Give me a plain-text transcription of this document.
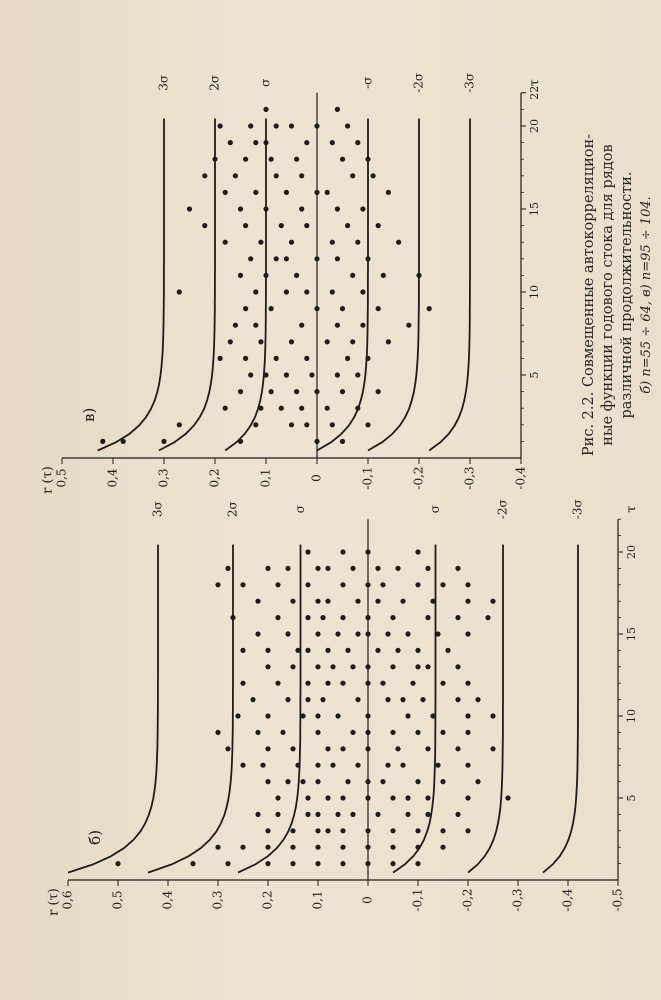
0,6	0,5	0,4	0,3	0,2	0,1	0	-0,1	-0,2	-0,3	-0,4	-0,5
5
10
15
20
3σ	2σ	σ	σ	-2σ	-3σ
r (τ)
τ
б)
0,5	0,4	0,3	0,2	0,1	0	-0,1	-0,2	-0,3	-0,4
5
10
15
20
22
3σ	2σ	σ	-σ	-2σ	-3σ
r (τ)
τ
в)	Рис. 2.2. Совмещенные автокорреляцион- ные функции годового стока для рядов различной продолжительности. б) n=55 ÷ 64, в) n=95 ÷ 104.
